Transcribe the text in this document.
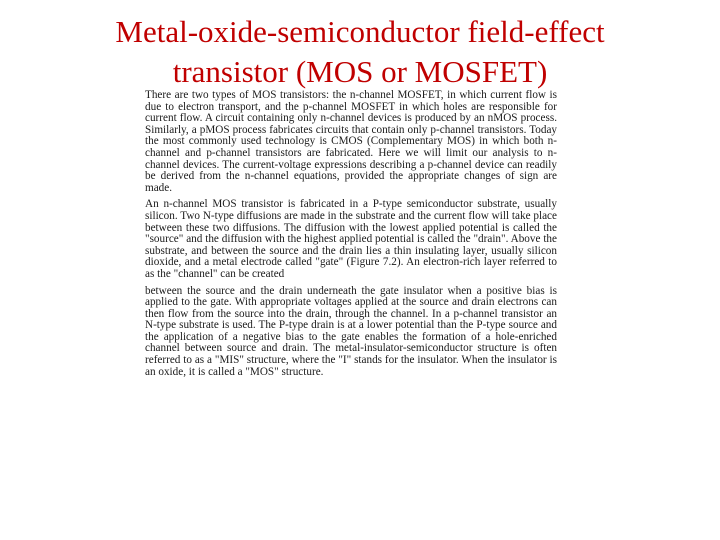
Metal-oxide-semiconductor field-effect
transistor (MOS or MOSFET)

There are two types of MOS transistors: the n-channel MOSFET, in which current flow is due to electron transport, and the p-channel MOSFET in which holes are responsible for current flow. A circuit containing only n-channel devices is produced by an nMOS process. Similarly, a pMOS process fabricates circuits that contain only p-channel transistors. Today the most commonly used technology is CMOS (Complementary MOS) in which both n-channel and p-channel transistors are fabricated. Here we will limit our analysis to n-channel devices. The current-voltage expressions describing a p-channel device can readily be derived from the n-channel equations, provided the appropriate changes of sign are made.

An n-channel MOS transistor is fabricated in a P-type semiconductor substrate, usually silicon. Two N-type diffusions are made in the substrate and the current flow will take place between these two diffusions. The diffusion with the lowest applied potential is called the "source" and the diffusion with the highest applied potential is called the "drain". Above the substrate, and between the source and the drain lies a thin insulating layer, usually silicon dioxide, and a metal electrode called "gate" (Figure 7.2). An electron-rich layer referred to as the "channel" can be created

between the source and the drain underneath the gate insulator when a positive bias is applied to the gate. With appropriate voltages applied at the source and drain electrons can then flow from the source into the drain, through the channel. In a p-channel transistor an N-type substrate is used. The P-type drain is at a lower potential than the P-type source and the application of a negative bias to the gate enables the formation of a hole-enriched channel between source and drain. The metal-insulator-semiconductor structure is often referred to as a "MIS" structure, where the "I" stands for the insulator. When the insulator is an oxide, it is called a "MOS" structure.
